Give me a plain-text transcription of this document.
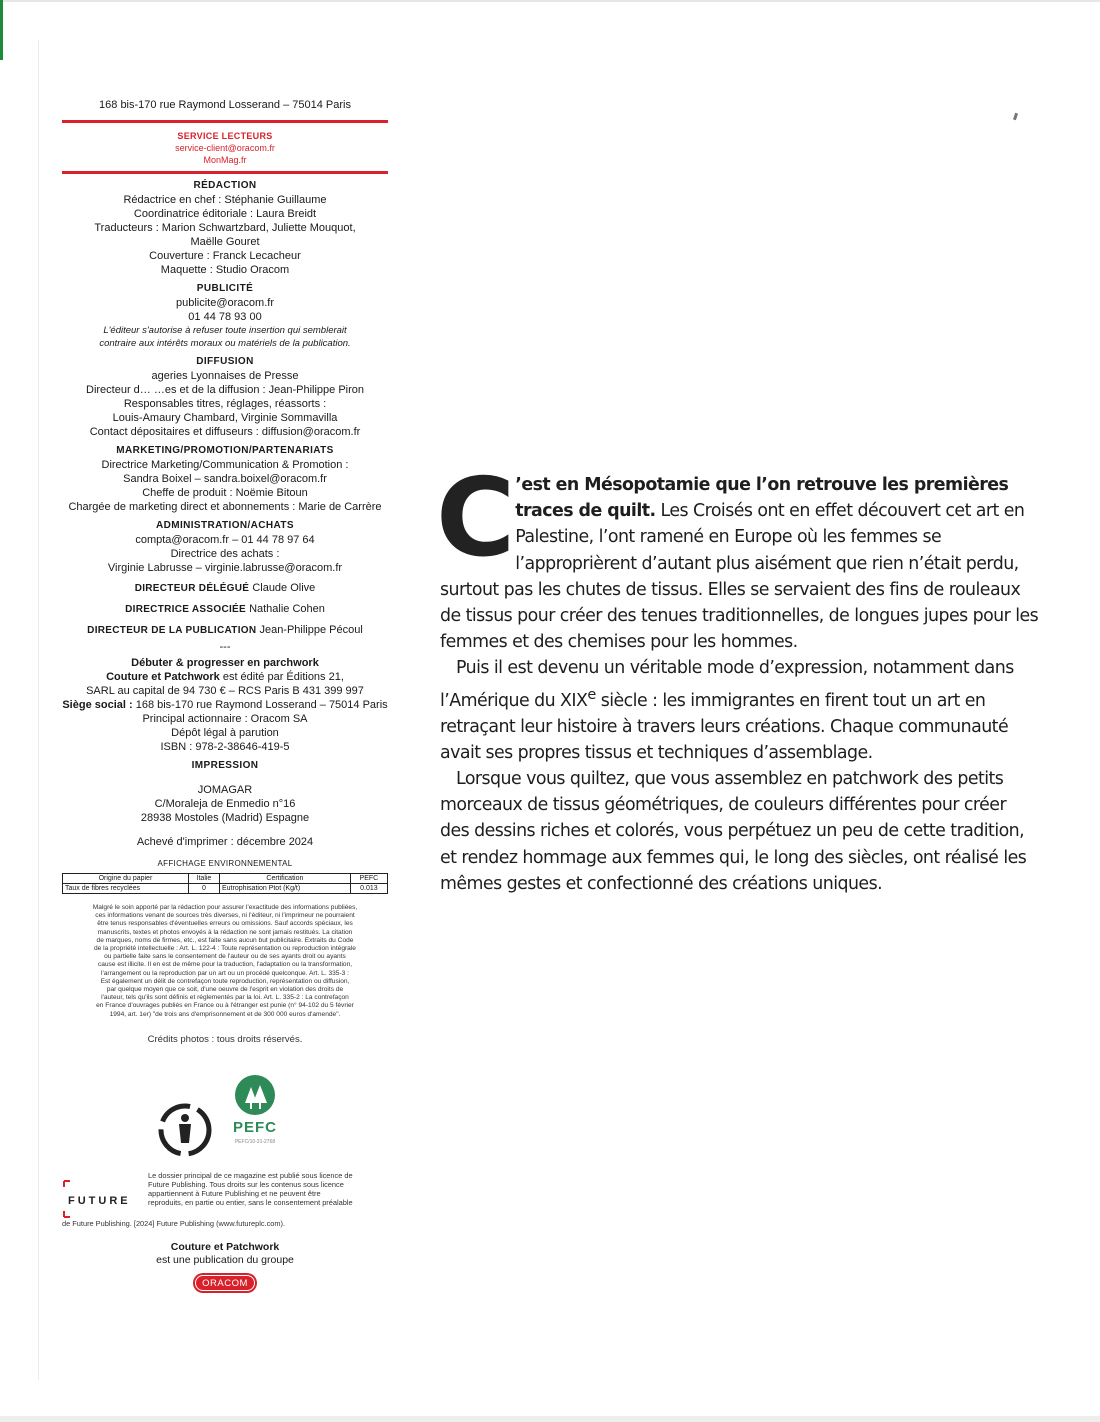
168 bis-170 rue Raymond Losserand – 75014 Paris
SERVICE LECTEURS
service-client@oracom.fr
MonMag.fr
RÉDACTION
Rédactrice en chef : Stéphanie Guillaume
Coordinatrice éditoriale : Laura Breidt
Traducteurs : Marion Schwartzbard, Juliette Mouquot,
Maëlle Gouret
Couverture : Franck Lecacheur
Maquette : Studio Oracom
PUBLICITÉ
publicite@oracom.fr
01 44 78 93 00
L'éditeur s'autorise à refuser toute insertion qui semblerait
contraire aux intérêts moraux ou matériels de la publication.
DIFFUSION
ageries Lyonnaises de Presse
Directeur d… …es et de la diffusion : Jean-Philippe Piron
Responsables titres, réglages, réassorts :
Louis-Amaury Chambard, Virginie Sommavilla
Contact dépositaires et diffuseurs : diffusion@oracom.fr
MARKETING/PROMOTION/PARTENARIATS
Directrice Marketing/Communication & Promotion :
Sandra Boixel – sandra.boixel@oracom.fr
Cheffe de produit : Noëmie Bitoun
Chargée de marketing direct et abonnements : Marie de Carrère
ADMINISTRATION/ACHATS
compta@oracom.fr – 01 44 78 97 64
Directrice des achats :
Virginie Labrusse – virginie.labrusse@oracom.fr
DIRECTEUR DÉLÉGUÉ Claude Olive
DIRECTRICE ASSOCIÉE Nathalie Cohen
DIRECTEUR DE LA PUBLICATION Jean-Philippe Pécoul
---
Débuter & progresser en parchwork
Couture et Patchwork est édité par Éditions 21,
SARL au capital de 94 730 € – RCS Paris B 431 399 997
Siège social : 168 bis-170 rue Raymond Losserand – 75014 Paris
Principal actionnaire : Oracom SA
Dépôt légal à parution
ISBN : 978-2-38646-419-5
IMPRESSION
JOMAGAR
C/Moraleja de Enmedio n°16
28938 Mostoles (Madrid) Espagne
Achevé d'imprimer : décembre 2024
AFFICHAGE ENVIRONNEMENTAL
Origine du papier	Italie	Certification	PEFC
Taux de fibres recyclées	0	Eutrophisation Ptot (Kg/t)	0.013
Malgré le soin apporté par la rédaction pour assurer l'exactitude des informations publiées,
ces informations venant de sources très diverses, ni l'éditeur, ni l'imprimeur ne pourraient
être tenus responsables d'éventuelles erreurs ou omissions. Sauf accords spéciaux, les
manuscrits, textes et photos envoyés à la rédaction ne sont jamais restitués. La citation
de marques, noms de firmes, etc., est faite sans aucun but publicitaire. Extraits du Code
de la propriété intellectuelle : Art. L. 122-4 : Toute représentation ou reproduction intégrale
ou partielle faite sans le consentement de l'auteur ou de ses ayants droit ou ayants
cause est illicite. Il en est de même pour la traduction, l'adaptation ou la transformation,
l'arrangement ou la reproduction par un art ou un procédé quelconque. Art. L. 335-3 :
Est également un délit de contrefaçon toute reproduction, représentation ou diffusion,
par quelque moyen que ce soit, d'une oeuvre de l'esprit en violation des droits de
l'auteur, tels qu'ils sont définis et réglementés par la loi. Art. L. 335-2 : La contrefaçon
en France d'ouvrages publiés en France ou à l'étranger est punie (n° 94-102 du 5 février
1994, art. 1er) "de trois ans d'emprisonnement et de 300 000 euros d'amende".
Crédits photos : tous droits réservés.
PEFC
PEFC/10-31-2768
FUTURE
Le dossier principal de ce magazine est publié sous licence de
Future Publishing. Tous droits sur les contenus sous licence
appartiennent à Future Publishing et ne peuvent être
reproduits, en partie ou entier, sans le consentement préalable
de Future Publishing. [2024] Future Publishing (www.futureplc.com).
Couture et Patchwork
est une publication du groupe
ORACOM

C ’est en Mésopotamie que l’on retrouve les premières traces de quilt. Les Croisés ont en effet découvert cet art en Palestine, l’ont ramené en Europe où les femmes se l’approprièrent d’autant plus aisément que rien n’était perdu, surtout pas les chutes de tissus. Elles se servaient des fins de rouleaux de tissus pour créer des tenues traditionnelles, de longues jupes pour les femmes et des chemises pour les hommes.

Puis il est devenu un véritable mode d’expression, notamment dans l’Amérique du XIXe siècle : les immigrantes en firent tout un art en retraçant leur histoire à travers leurs créations. Chaque communauté avait ses propres tissus et techniques d’assemblage.

Lorsque vous quiltez, que vous assemblez en patchwork des petits morceaux de tissus géométriques, de couleurs différentes pour créer des dessins riches et colorés, vous perpétuez un peu de cette tradition, et rendez hommage aux femmes qui, le long des siècles, ont réalisé les mêmes gestes et confectionné des créations uniques.
